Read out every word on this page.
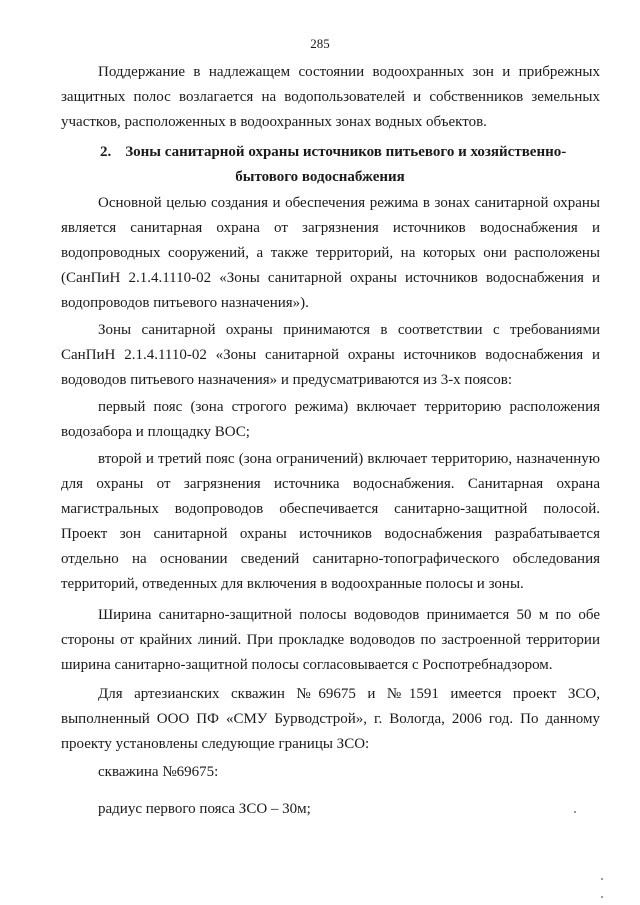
285
Поддержание в надлежащем состоянии водоохранных зон и прибрежных
защитных полос возлагается на водопользователей и собственников земельных
участков, расположенных в водоохранных зонах водных объектов.
2. Зоны санитарной охраны источников питьевого и хозяйственно-
бытового водоснабжения
Основной целью создания и обеспечения режима в зонах санитарной охраны
является санитарная охрана от загрязнения источников водоснабжения и
водопроводных сооружений, а также территорий, на которых они расположены
(СанПиН 2.1.4.1110-02 «Зоны санитарной охраны источников водоснабжения и
водопроводов питьевого назначения»).
Зоны санитарной охраны принимаются в соответствии с требованиями
СанПиН 2.1.4.1110-02 «Зоны санитарной охраны источников водоснабжения и
водоводов питьевого назначения» и предусматриваются из 3-х поясов:
первый пояс (зона строгого режима) включает территорию расположения
водозабора и площадку ВОС;
второй и третий пояс (зона ограничений) включает территорию, назначенную
для охраны от загрязнения источника водоснабжения. Санитарная охрана
магистральных водопроводов обеспечивается санитарно-защитной полосой.
Проект зон санитарной охраны источников водоснабжения разрабатывается
отдельно на основании сведений санитарно-топографического обследования
территорий, отведенных для включения в водоохранные полосы и зоны.
Ширина санитарно-защитной полосы водоводов принимается 50 м по обе
стороны от крайних линий. При прокладке водоводов по застроенной территории
ширина санитарно-защитной полосы согласовывается с Роспотребнадзором.
Для артезианских скважин №69675 и №1591 имеется проект ЗСО,
выполненный ООО ПФ «СМУ Бурводстрой», г. Вологда, 2006 год. По данному
проекту установлены следующие границы ЗСО:
скважина №69675:
радиус первого пояса ЗСО – 30м;
